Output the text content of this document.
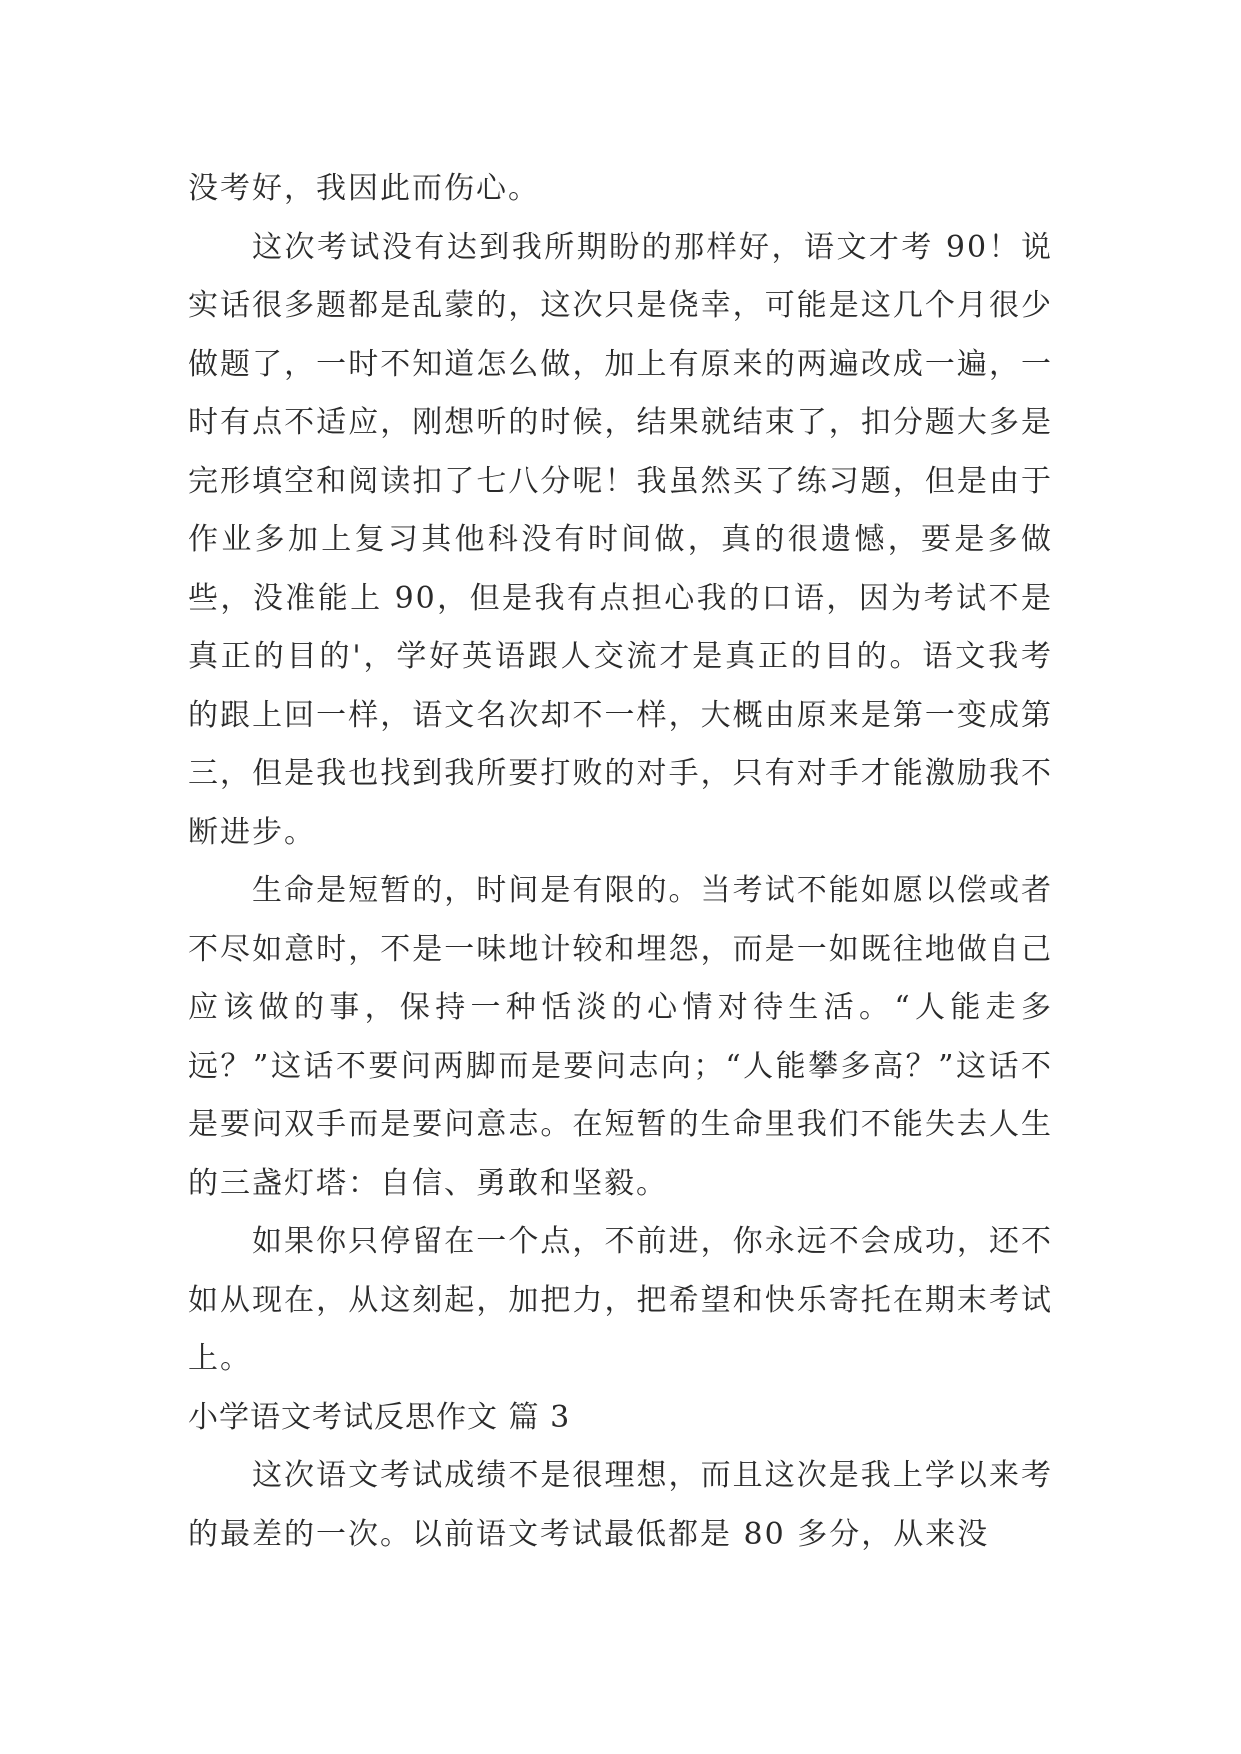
没考好，我因此而伤心。

这次考试没有达到我所期盼的那样好，语文才考 90！说实话很多题都是乱蒙的，这次只是侥幸，可能是这几个月很少做题了，一时不知道怎么做，加上有原来的两遍改成一遍，一时有点不适应，刚想听的时候，结果就结束了，扣分题大多是完形填空和阅读扣了七八分呢！我虽然买了练习题，但是由于作业多加上复习其他科没有时间做，真的很遗憾，要是多做些，没准能上 90，但是我有点担心我的口语，因为考试不是真正的目的'，学好英语跟人交流才是真正的目的。语文我考的跟上回一样，语文名次却不一样，大概由原来是第一变成第三，但是我也找到我所要打败的对手，只有对手才能激励我不断进步。

生命是短暂的，时间是有限的。当考试不能如愿以偿或者不尽如意时，不是一味地计较和埋怨，而是一如既往地做自己应该做的事，保持一种恬淡的心情对待生活。“人能走多远？”这话不要问两脚而是要问志向；“人能攀多高？”这话不是要问双手而是要问意志。在短暂的生命里我们不能失去人生的三盏灯塔：自信、勇敢和坚毅。

如果你只停留在一个点，不前进，你永远不会成功，还不如从现在，从这刻起，加把力，把希望和快乐寄托在期末考试上。

小学语文考试反思作文 篇 3

这次语文考试成绩不是很理想，而且这次是我上学以来考的最差的一次。以前语文考试最低都是 80 多分，从来没
